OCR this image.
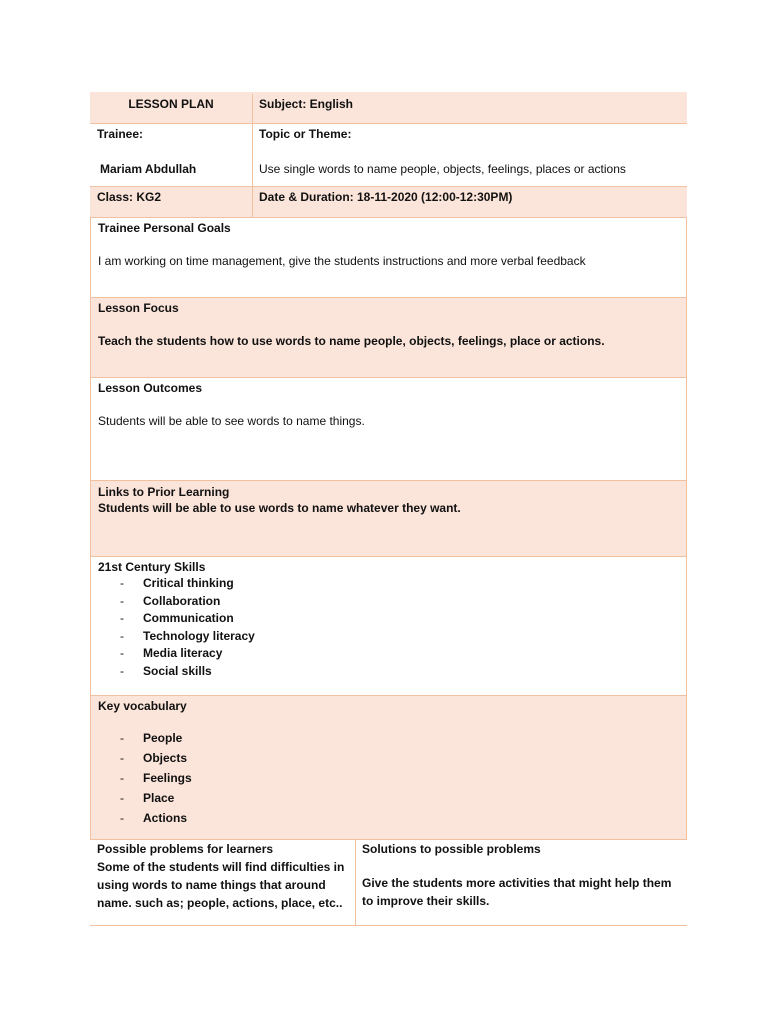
LESSON PLAN	Subject: English
Trainee:
Mariam Abdullah
Topic or Theme:
Use single words to name people, objects, feelings, places or actions
Class: KG2	Date & Duration: 18-11-2020 (12:00-12:30PM)
Trainee Personal Goals
I am working on time management, give the students instructions and more verbal feedback
Lesson Focus
Teach the students how to use words to name people, objects, feelings, place or actions.
Lesson Outcomes
Students will be able to see words to name things.
Links to Prior Learning
Students will be able to use words to name whatever they want.
21st Century Skills
- Critical thinking
- Collaboration
- Communication
- Technology literacy
- Media literacy
- Social skills
Key vocabulary
- People
- Objects
- Feelings
- Place
- Actions
Possible problems for learners
Some of the students will find difficulties in using words to name things that around name. such as; people, actions, place, etc..
Solutions to possible problems
Give the students more activities that might help them to improve their skills.
